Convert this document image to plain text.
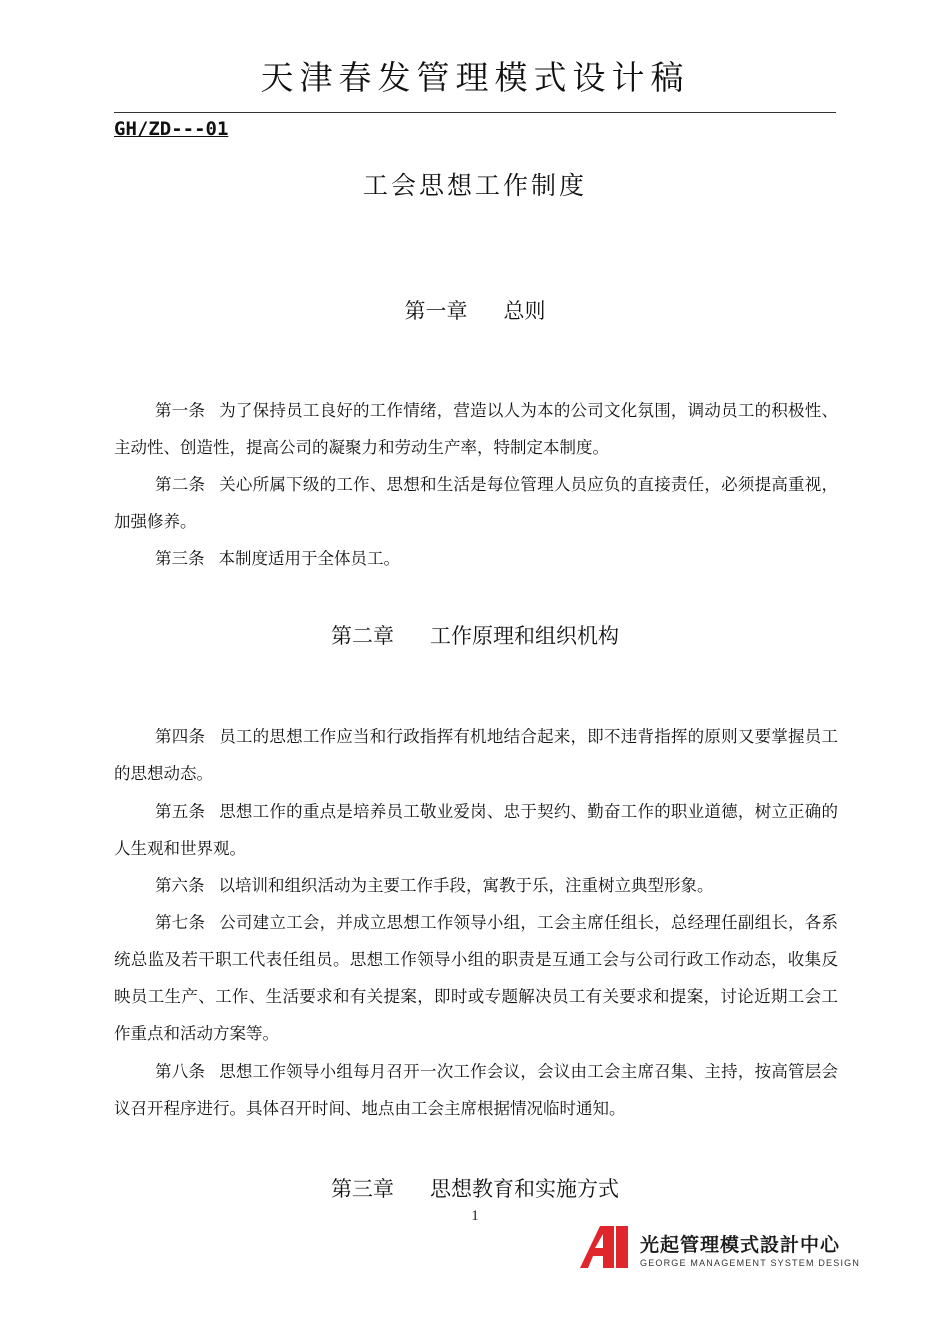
天津春发管理模式设计稿
GH/ZD---01
工会思想工作制度
第一章 总则
第一条 为了保持员工良好的工作情绪，营造以人为本的公司文化氛围，调动员工的积极性、主动性、创造性，提高公司的凝聚力和劳动生产率，特制定本制度。
第二条 关心所属下级的工作、思想和生活是每位管理人员应负的直接责任，必须提高重视，加强修养。
第三条 本制度适用于全体员工。
第二章 工作原理和组织机构
第四条 员工的思想工作应当和行政指挥有机地结合起来，即不违背指挥的原则又要掌握员工的思想动态。
第五条 思想工作的重点是培养员工敬业爱岗、忠于契约、勤奋工作的职业道德，树立正确的人生观和世界观。
第六条 以培训和组织活动为主要工作手段，寓教于乐，注重树立典型形象。
第七条 公司建立工会，并成立思想工作领导小组，工会主席任组长，总经理任副组长，各系统总监及若干职工代表任组员。思想工作领导小组的职责是互通工会与公司行政工作动态，收集反映员工生产、工作、生活要求和有关提案，即时或专题解决员工有关要求和提案，讨论近期工会工作重点和活动方案等。
第八条 思想工作领导小组每月召开一次工作会议，会议由工会主席召集、主持，按高管层会议召开程序进行。具体召开时间、地点由工会主席根据情况临时通知。
第三章 思想教育和实施方式
1
光起管理模式設計中心
GEORGE MANAGEMENT SYSTEM DESIGN
